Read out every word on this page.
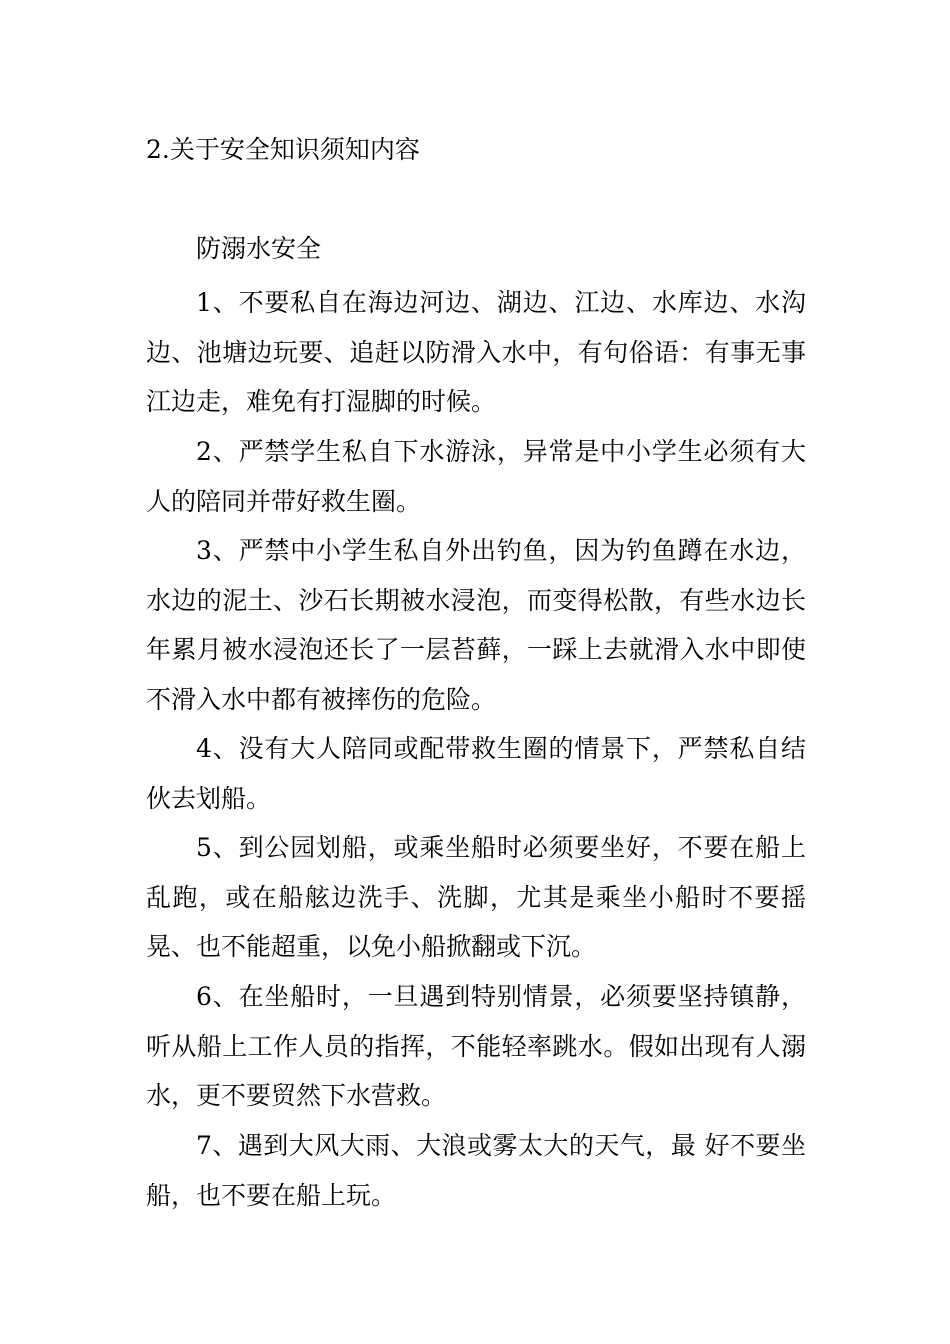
2.关于安全知识须知内容
防溺水安全

1、不要私自在海边河边、湖边、江边、水库边、水沟边、池塘边玩要、追赶以防滑入水中，有句俗语：有事无事江边走，难免有打湿脚的时候。

2、严禁学生私自下水游泳，异常是中小学生必须有大人的陪同并带好救生圈。

3、严禁中小学生私自外出钓鱼，因为钓鱼蹲在水边，水边的泥土、沙石长期被水浸泡，而变得松散，有些水边长年累月被水浸泡还长了一层苔藓，一踩上去就滑入水中即使不滑入水中都有被摔伤的危险。

4、没有大人陪同或配带救生圈的情景下，严禁私自结伙去划船。

5、到公园划船，或乘坐船时必须要坐好，不要在船上乱跑，或在船舷边洗手、洗脚，尤其是乘坐小船时不要摇晃、也不能超重，以免小船掀翻或下沉。

6、在坐船时，一旦遇到特别情景，必须要坚持镇静，听从船上工作人员的指挥，不能轻率跳水。假如出现有人溺水，更不要贸然下水营救。

7、遇到大风大雨、大浪或雾太大的天气，最 好不要坐船，也不要在船上玩。
